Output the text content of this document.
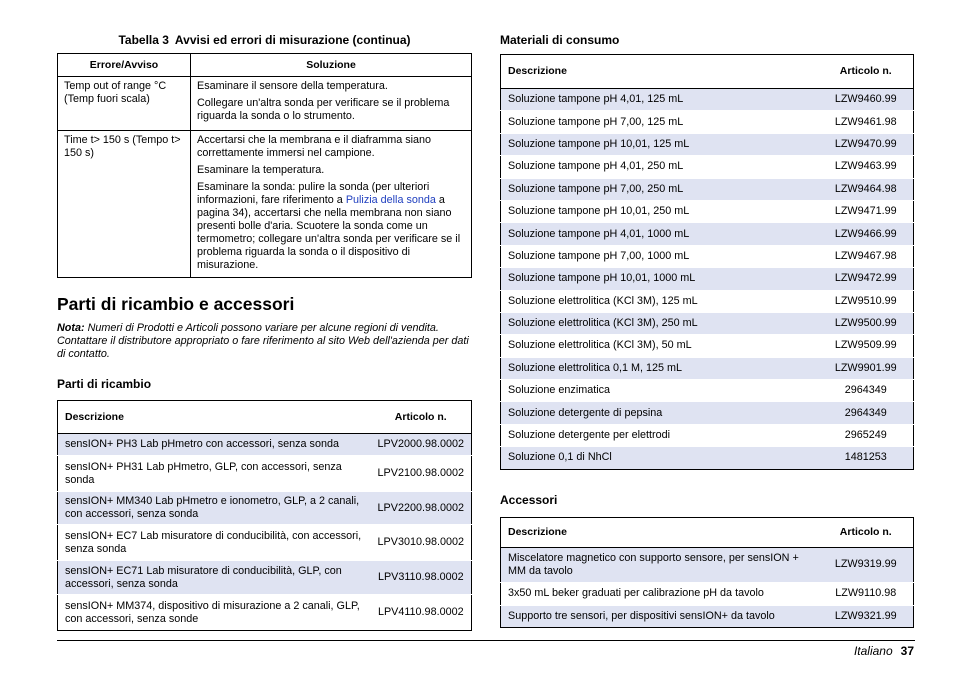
Tabella 3 Avvisi ed errori di misurazione (continua)
Errore/Avviso	Soluzione
Temp out of range °C (Temp fuori scala)	Esaminare il sensore della temperatura.

Collegare un'altra sonda per verificare se il problema riguarda la sonda o lo strumento.

Time t> 150 s (Tempo t> 150 s)	Accertarsi che la membrana e il diaframma siano correttamente immersi nel campione.

Esaminare la temperatura.

Esaminare la sonda: pulire la sonda (per ulteriori informazioni, fare riferimento a Pulizia della sonda a pagina 34), accertarsi che nella membrana non siano presenti bolle d'aria. Scuotere la sonda come un termometro; collegare un'altra sonda per verificare se il problema riguarda la sonda o il dispositivo di misurazione.

Parti di ricambio e accessori

Nota: Numeri di Prodotti e Articoli possono variare per alcune regioni di vendita. Contattare il distributore appropriato o fare riferimento al sito Web dell'azienda per dati di contatto.

Parti di ricambio
Descrizione	Articolo n.
sensION+ PH3 Lab pHmetro con accessori, senza sonda	LPV2000.98.0002
sensION+ PH31 Lab pHmetro, GLP, con accessori, senza sonda	LPV2100.98.0002
sensION+ MM340 Lab pHmetro e ionometro, GLP, a 2 canali, con accessori, senza sonda	LPV2200.98.0002
sensION+ EC7 Lab misuratore di conducibilità, con accessori, senza sonda	LPV3010.98.0002
sensION+ EC71 Lab misuratore di conducibilità, GLP, con accessori, senza sonda	LPV3110.98.0002
sensION+ MM374, dispositivo di misurazione a 2 canali, GLP, con accessori, senza sonde	LPV4110.98.0002
Materiali di consumo
Descrizione	Articolo n.
Soluzione tampone pH 4,01, 125 mL	LZW9460.99
Soluzione tampone pH 7,00, 125 mL	LZW9461.98
Soluzione tampone pH 10,01, 125 mL	LZW9470.99
Soluzione tampone pH 4,01, 250 mL	LZW9463.99
Soluzione tampone pH 7,00, 250 mL	LZW9464.98
Soluzione tampone pH 10,01, 250 mL	LZW9471.99
Soluzione tampone pH 4,01, 1000 mL	LZW9466.99
Soluzione tampone pH 7,00, 1000 mL	LZW9467.98
Soluzione tampone pH 10,01, 1000 mL	LZW9472.99
Soluzione elettrolitica (KCl 3M), 125 mL	LZW9510.99
Soluzione elettrolitica (KCl 3M), 250 mL	LZW9500.99
Soluzione elettrolitica (KCl 3M), 50 mL	LZW9509.99
Soluzione elettrolitica 0,1 M, 125 mL	LZW9901.99
Soluzione enzimatica	2964349
Soluzione detergente di pepsina	2964349
Soluzione detergente per elettrodi	2965249
Soluzione 0,1 di NhCl	1481253
Accessori
Descrizione	Articolo n.
Miscelatore magnetico con supporto sensore, per sensION + MM da tavolo	LZW9319.99
3x50 mL beker graduati per calibrazione pH da tavolo	LZW9110.98
Supporto tre sensori, per dispositivi sensION+ da tavolo	LZW9321.99
Italiano 37
